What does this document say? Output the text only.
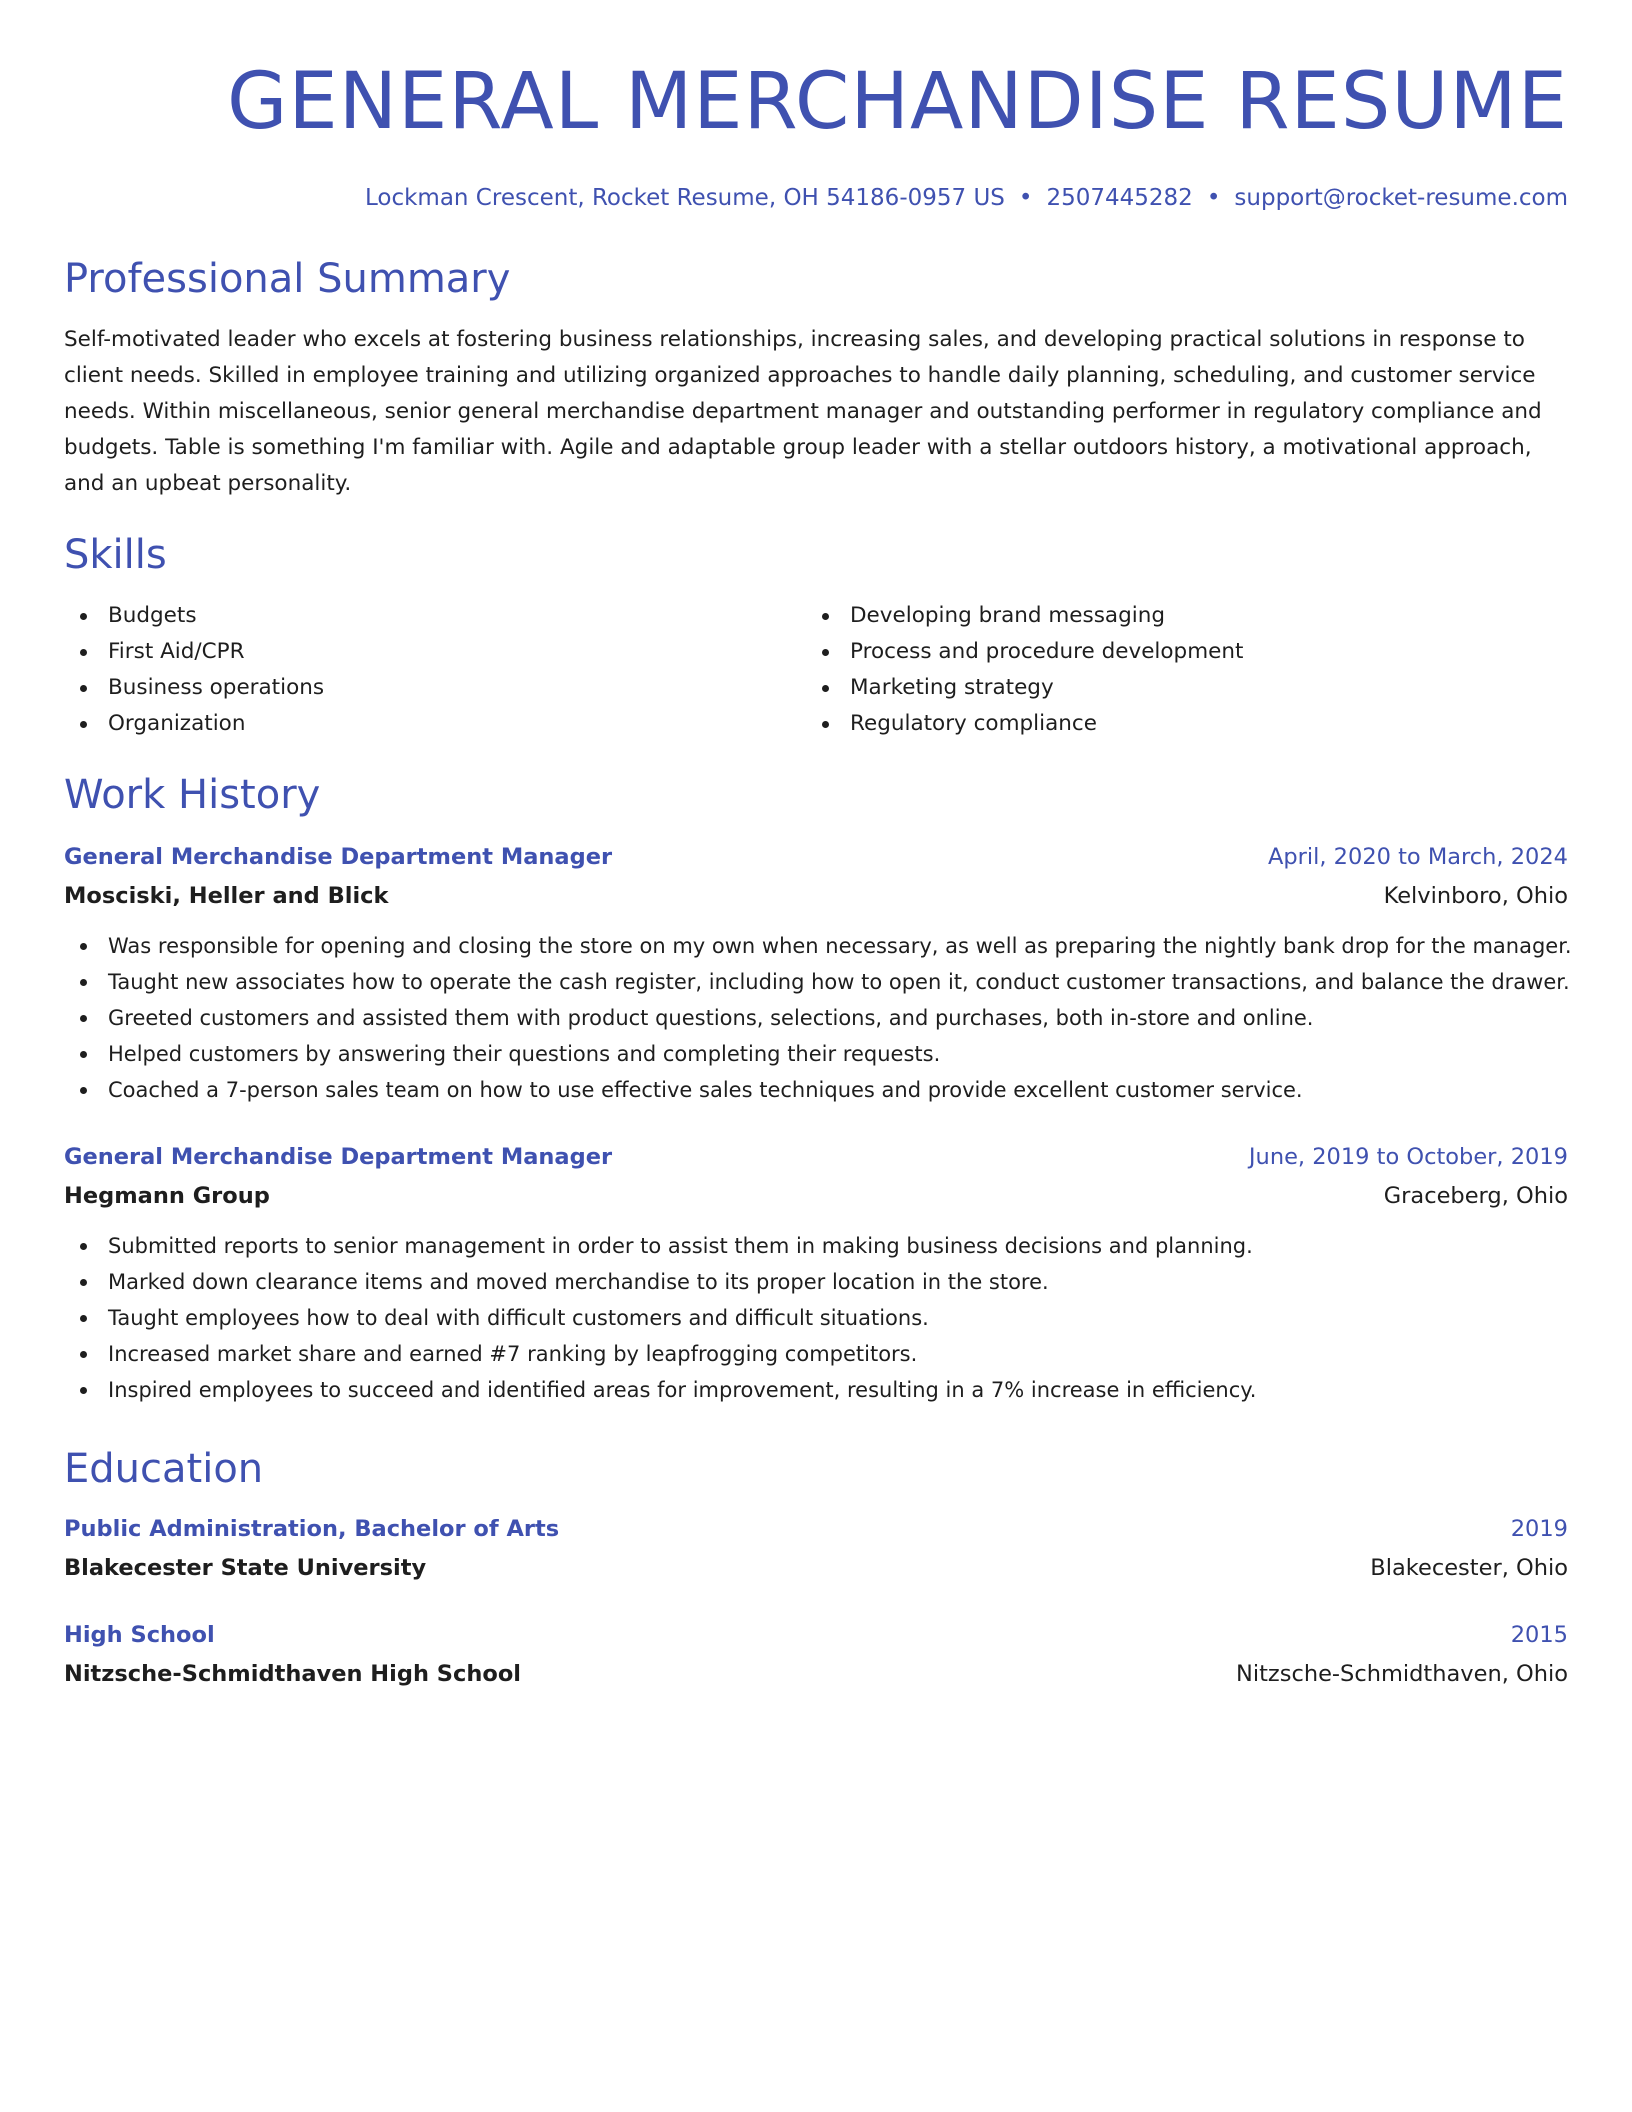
GENERAL MERCHANDISE RESUME
Lockman Crescent, Rocket Resume, OH 54186-0957 US • 2507445282 • support@rocket-resume.com
Professional Summary

Self-motivated leader who excels at fostering business relationships, increasing sales, and developing practical solutions in response to client needs. Skilled in employee training and utilizing organized approaches to handle daily planning, scheduling, and customer service needs. Within miscellaneous, senior general merchandise department manager and outstanding performer in regulatory compliance and budgets. Table is something I'm familiar with. Agile and adaptable group leader with a stellar outdoors history, a motivational approach, and an upbeat personality.

Skills
Budgets
First Aid/CPR
Business operations
Organization
Developing brand messaging
Process and procedure development
Marketing strategy
Regulatory compliance
Work History
General Merchandise Department Manager	April, 2020 to March, 2024
Mosciski, Heller and Blick	Kelvinboro, Ohio
Was responsible for opening and closing the store on my own when necessary, as well as preparing the nightly bank drop for the manager.
Taught new associates how to operate the cash register, including how to open it, conduct customer transactions, and balance the drawer.
Greeted customers and assisted them with product questions, selections, and purchases, both in-store and online.
Helped customers by answering their questions and completing their requests.
Coached a 7-person sales team on how to use effective sales techniques and provide excellent customer service.
General Merchandise Department Manager	June, 2019 to October, 2019
Hegmann Group	Graceberg, Ohio
Submitted reports to senior management in order to assist them in making business decisions and planning.
Marked down clearance items and moved merchandise to its proper location in the store.
Taught employees how to deal with difficult customers and difficult situations.
Increased market share and earned #7 ranking by leapfrogging competitors.
Inspired employees to succeed and identified areas for improvement, resulting in a 7% increase in efficiency.
Education
Public Administration, Bachelor of Arts	2019
Blakecester State University	Blakecester, Ohio
High School	2015
Nitzsche-Schmidthaven High School	Nitzsche-Schmidthaven, Ohio
